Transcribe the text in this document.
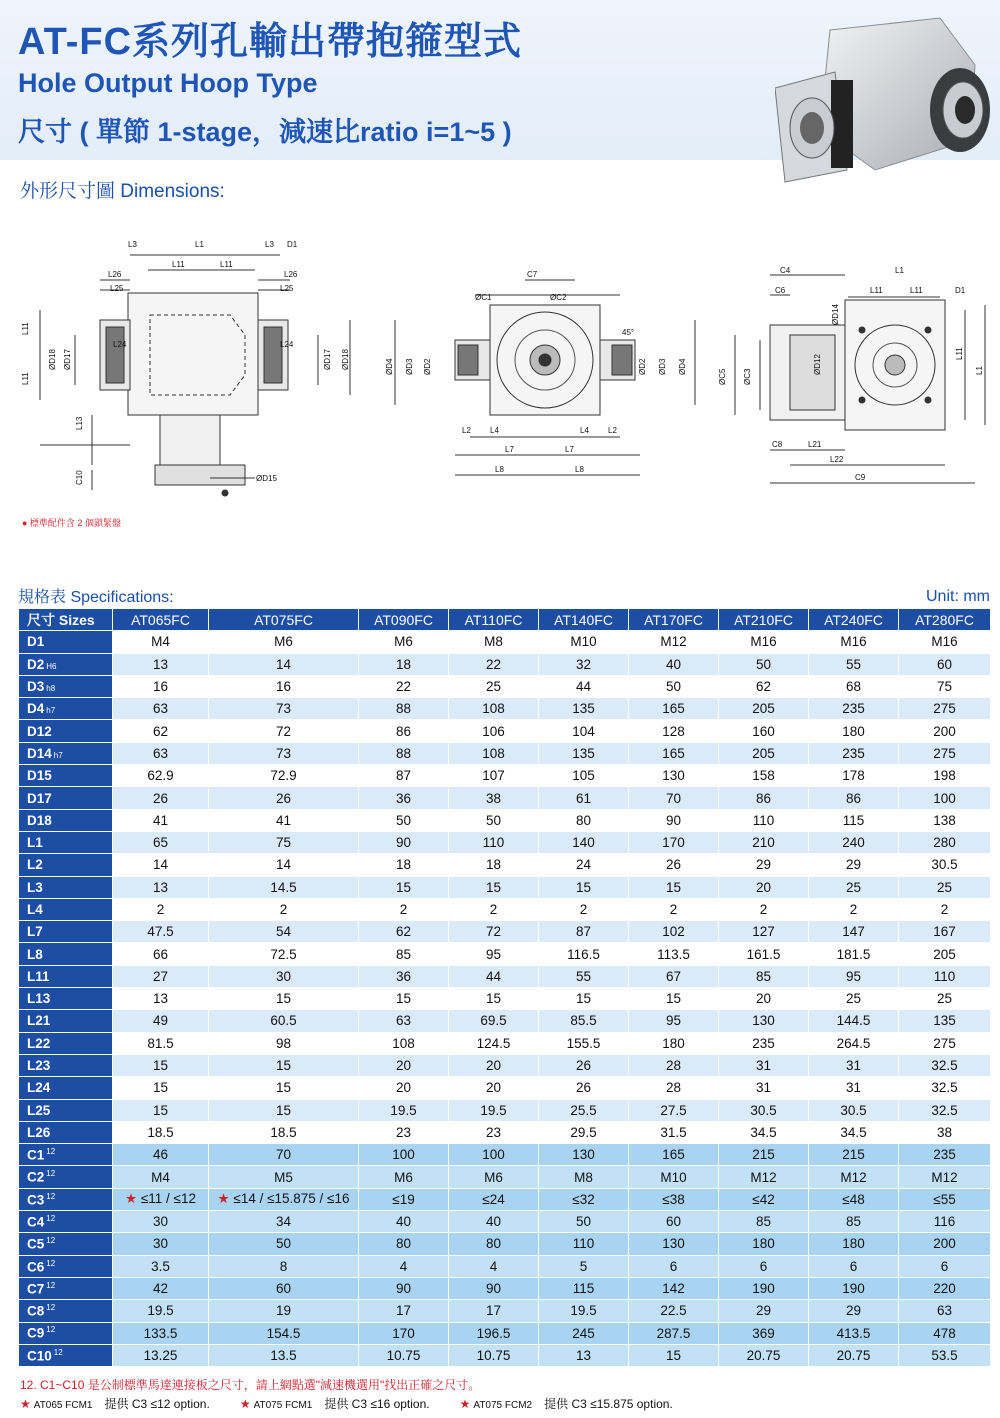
AT-FC系列孔輸出帶抱箍型式
Hole Output Hoop Type
尺寸 ( 單節 1-stage，減速比ratio i=1~5 )
外形尺寸圖 Dimensions:
L3	L1	L3 D1
L11	L11
L26	L26
L25	L25
L24	L24
L11
L11
ØD18 ØD17	ØD17 ØD18
L13
C10	ØD15
C7
ØC1	ØC2
45°
ØD4 ØD3 ØD2	ØD2 ØD3 ØD4
L2 L4	L4 L2
L7	L7
L8	L8
C4
C6
L1
L11	L11	D1
ØC5 ØC3
ØD12
ØD14
L11
L1
C8	L21
L22
C9
● 標準配件含 2 個鎖緊盤
規格表 Specifications:	Unit: mm
尺寸 Sizes	AT065FC	AT075FC	AT090FC	AT110FC	AT140FC	AT170FC	AT210FC	AT240FC	AT280FC
D1	M4	M6	M6	M8	M10	M12	M16	M16	M16
D2 H6	13	14	18	22	32	40	50	55	60
D3 h8	16	16	22	25	44	50	62	68	75
D4 h7	63	73	88	108	135	165	205	235	275
D12	62	72	86	106	104	128	160	180	200
D14 h7	63	73	88	108	135	165	205	235	275
D15	62.9	72.9	87	107	105	130	158	178	198
D17	26	26	36	38	61	70	86	86	100
D18	41	41	50	50	80	90	110	115	138
L1	65	75	90	110	140	170	210	240	280
L2	14	14	18	18	24	26	29	29	30.5
L3	13	14.5	15	15	15	15	20	25	25
L4	2	2	2	2	2	2	2	2	2
L7	47.5	54	62	72	87	102	127	147	167
L8	66	72.5	85	95	116.5	113.5	161.5	181.5	205
L11	27	30	36	44	55	67	85	95	110
L13	13	15	15	15	15	15	20	25	25
L21	49	60.5	63	69.5	85.5	95	130	144.5	135
L22	81.5	98	108	124.5	155.5	180	235	264.5	275
L23	15	15	20	20	26	28	31	31	32.5
L24	15	15	20	20	26	28	31	31	32.5
L25	15	15	19.5	19.5	25.5	27.5	30.5	30.5	32.5
L26	18.5	18.5	23	23	29.5	31.5	34.5	34.5	38
C1 $^{12}$	46	70	100	100	130	165	215	215	235
C2 $^{12}$	M4	M5	M6	M6	M8	M10	M12	M12	M12
C3 $^{12}$	★ ≤11 / ≤12	★ ≤14 / ≤15.875 / ≤16	≤19	≤24	≤32	≤38	≤42	≤48	≤55
C4 $^{12}$	30	34	40	40	50	60	85	85	116
C5 $^{12}$	30	50	80	80	110	130	180	180	200
C6 $^{12}$	3.5	8	4	4	5	6	6	6	6
C7 $^{12}$	42	60	90	90	115	142	190	190	220
C8 $^{12}$	19.5	19	17	17	19.5	22.5	29	29	63
C9 $^{12}$	133.5	154.5	170	196.5	245	287.5	369	413.5	478
C10 $^{12}$	13.25	13.5	10.75	10.75	13	15	20.75	20.75	53.5
12. C1~C10 是公制標準馬達連接板之尺寸，請上網點選"減速機選用"找出正確之尺寸。
★ AT065 FCM1 提供 C3 ≤12 option.	★ AT075 FCM1 提供 C3 ≤16 option.	★ AT075 FCM2 提供 C3 ≤15.875 option.
